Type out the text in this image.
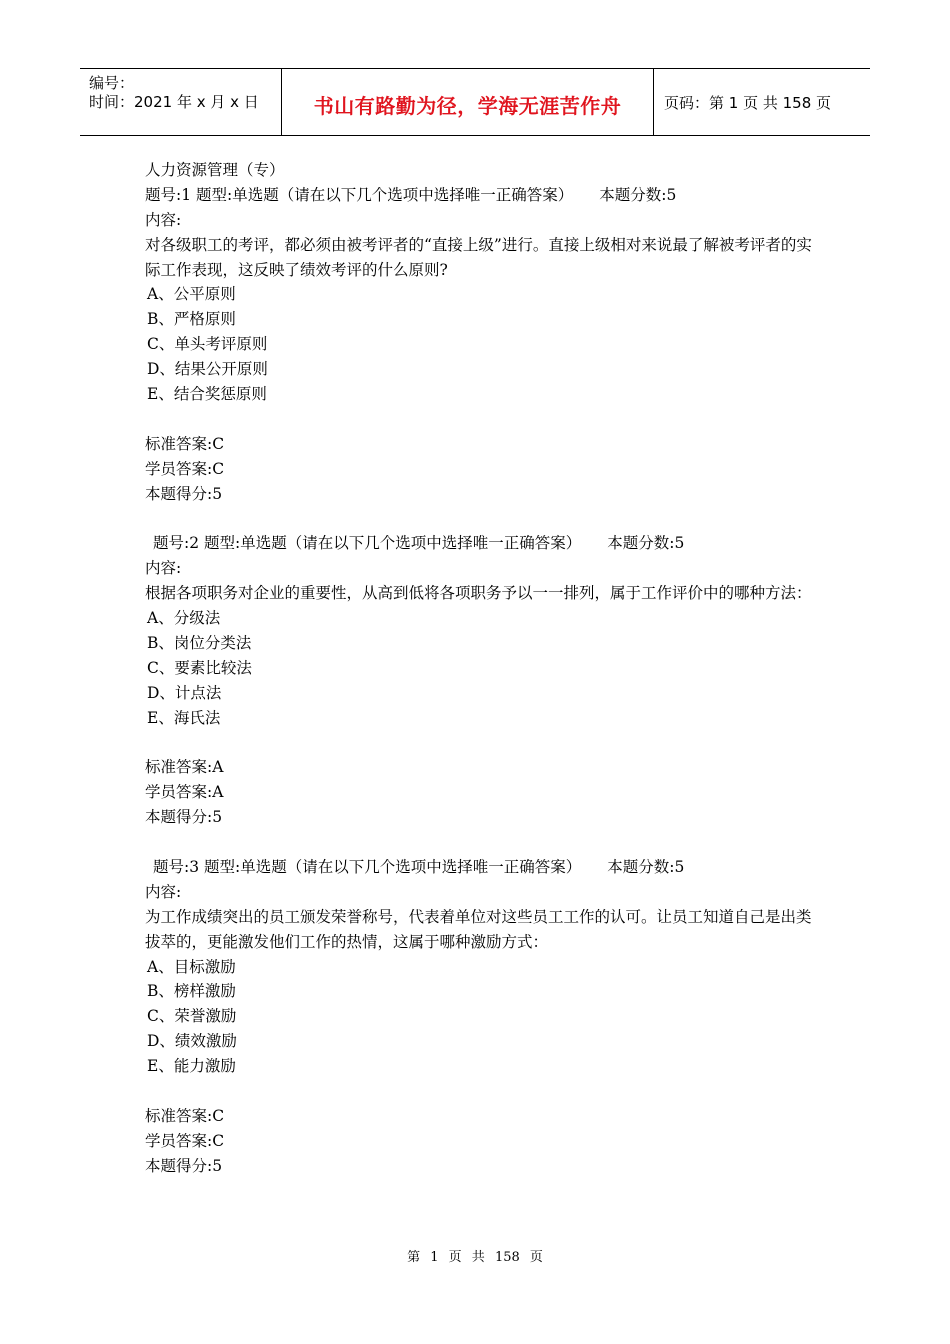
编号：
时间：2021 年 x 月 x 日	书山有路勤为径，学海无涯苦作舟	页码：第 1 页 共 158 页
人力资源管理（专）
题号:1 题型:单选题（请在以下几个选项中选择唯一正确答案） 本题分数:5
内容:
对各级职工的考评，都必须由被考评者的“直接上级”进行。直接上级相对来说最了解被考评者的实际工作表现，这反映了绩效考评的什么原则?
A、公平原则
B、严格原则
C、单头考评原则
D、结果公开原则
E、结合奖惩原则
标准答案:C
学员答案:C
本题得分:5
题号:2 题型:单选题（请在以下几个选项中选择唯一正确答案） 本题分数:5
内容:
根据各项职务对企业的重要性，从高到低将各项职务予以一一排列，属于工作评价中的哪种方法：
A、分级法
B、岗位分类法
C、要素比较法
D、计点法
E、海氏法
标准答案:A
学员答案:A
本题得分:5
题号:3 题型:单选题（请在以下几个选项中选择唯一正确答案） 本题分数:5
内容:
为工作成绩突出的员工颁发荣誉称号，代表着单位对这些员工工作的认可。让员工知道自己是出类拔萃的，更能激发他们工作的热情，这属于哪种激励方式：
A、目标激励
B、榜样激励
C、荣誉激励
D、绩效激励
E、能力激励
标准答案:C
学员答案:C
本题得分:5
第 1 页 共 158 页
